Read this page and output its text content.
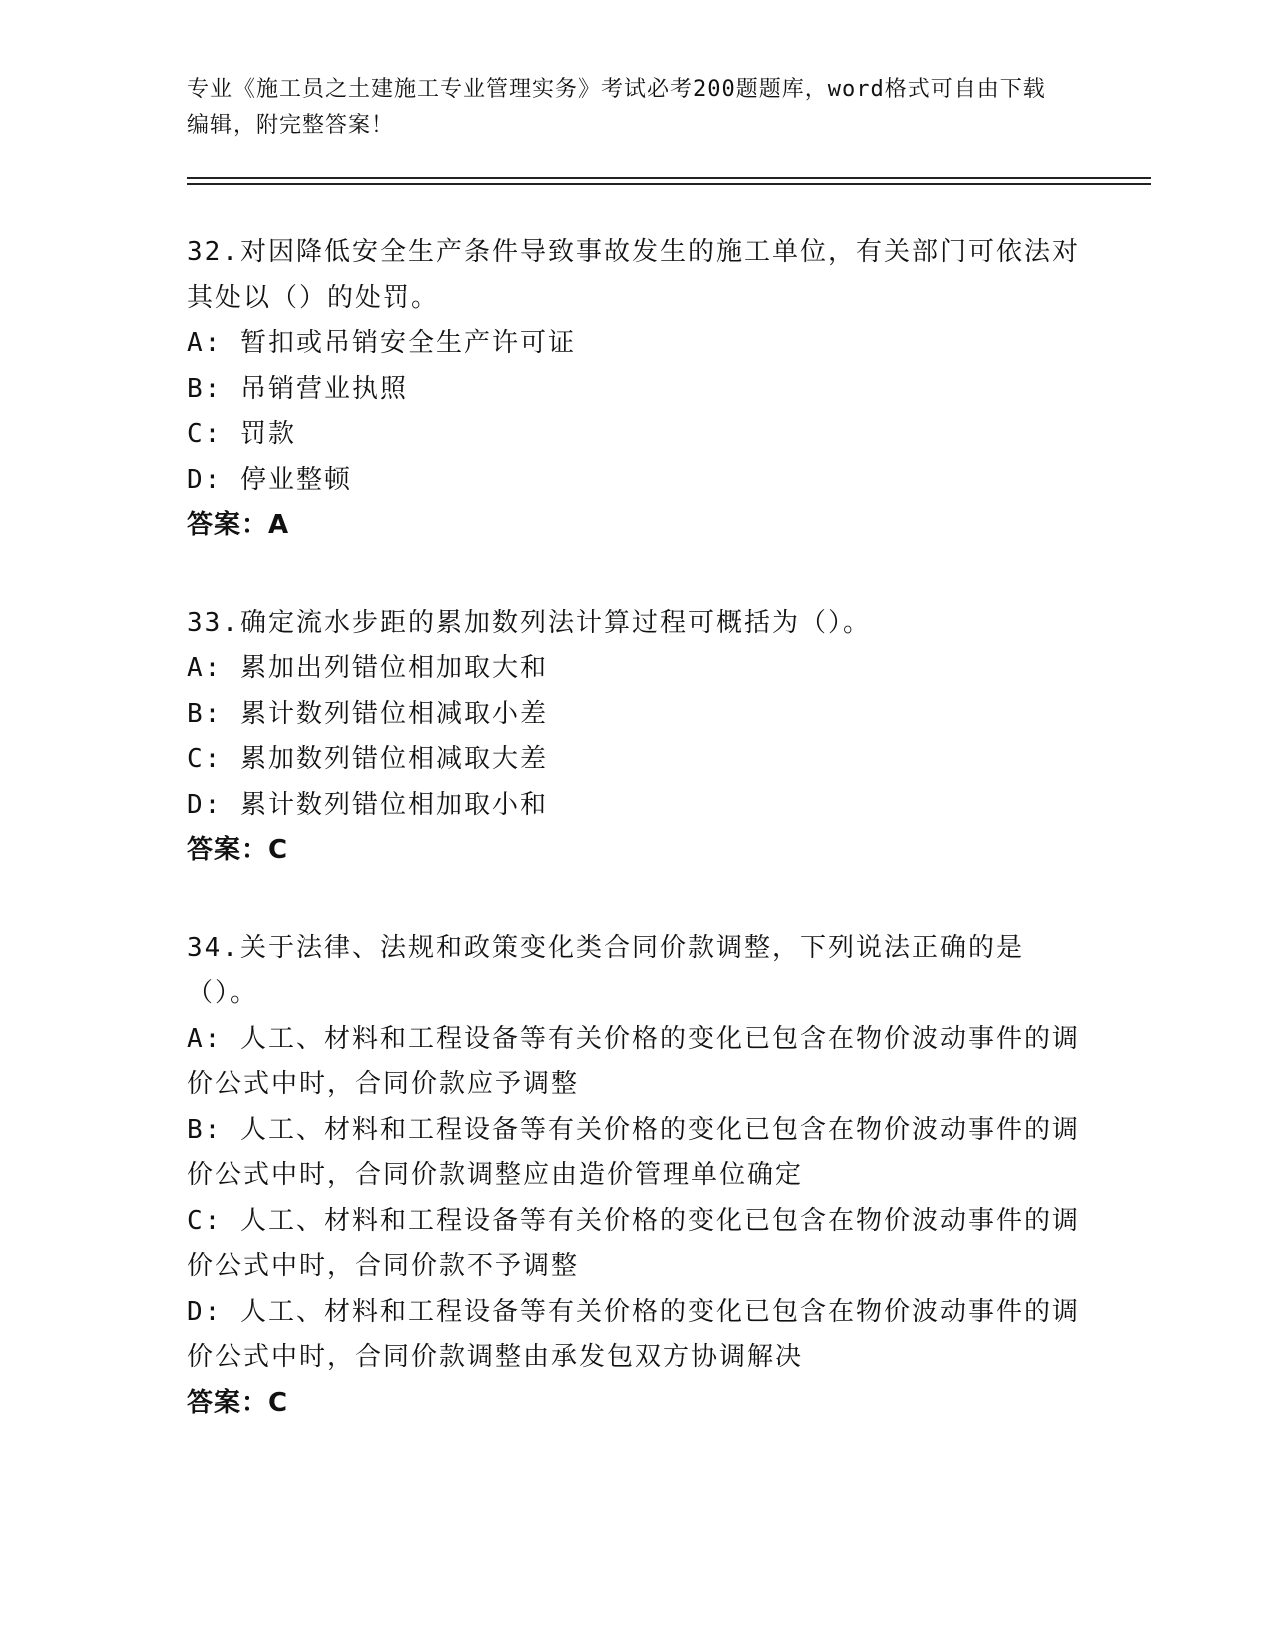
专业《施工员之土建施工专业管理实务》考试必考200题题库，word格式可自由下载编辑，附完整答案！

32.对因降低安全生产条件导致事故发生的施工单位，有关部门可依法对其处以（）的处罚。

A: 暂扣或吊销安全生产许可证

B: 吊销营业执照

C: 罚款

D: 停业整顿

答案：A

33.确定流水步距的累加数列法计算过程可概括为（）。

A: 累加出列错位相加取大和

B: 累计数列错位相减取小差

C: 累加数列错位相减取大差

D: 累计数列错位相加取小和

答案：C

34.关于法律、法规和政策变化类合同价款调整，下列说法正确的是（）。

A: 人工、材料和工程设备等有关价格的变化已包含在物价波动事件的调价公式中时，合同价款应予调整

B: 人工、材料和工程设备等有关价格的变化已包含在物价波动事件的调价公式中时，合同价款调整应由造价管理单位确定

C: 人工、材料和工程设备等有关价格的变化已包含在物价波动事件的调价公式中时，合同价款不予调整

D: 人工、材料和工程设备等有关价格的变化已包含在物价波动事件的调价公式中时，合同价款调整由承发包双方协调解决

答案：C
